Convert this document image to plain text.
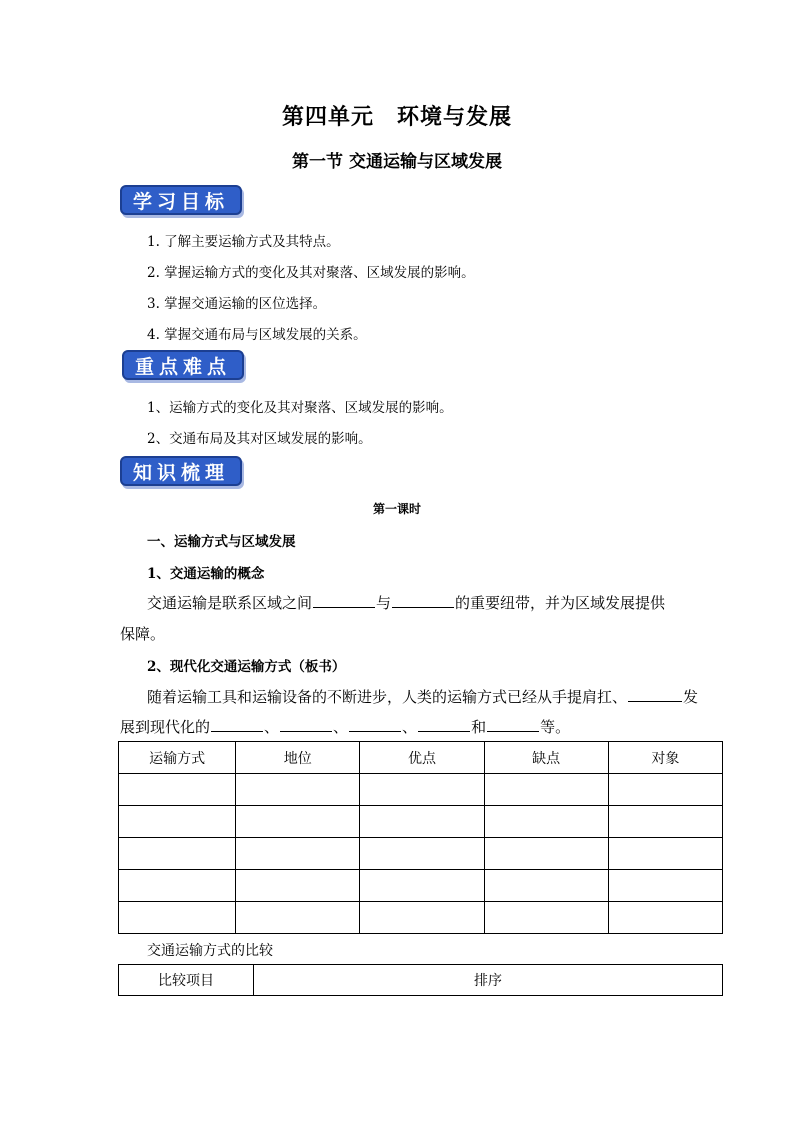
第四单元　环境与发展
第一节 交通运输与区域发展
学习目标
1. 了解主要运输方式及其特点。
2. 掌握运输方式的变化及其对聚落、区域发展的影响。
3. 掌握交通运输的区位选择。
4. 掌握交通布局与区域发展的关系。
重点难点
1、运输方式的变化及其对聚落、区域发展的影响。
2、交通布局及其对区域发展的影响。
知识梳理
第一课时
一、运输方式与区域发展
1、交通运输的概念
交通运输是联系区域之间	与	的重要纽带，并为区域发展提供
保障。
2、现代化交通运输方式（板书）
随着运输工具和运输设备的不断进步，人类的运输方式已经从手提肩扛、	发
展到现代化的	、	、	、	和	等。
运输方式	地位	优点	缺点	对象

交通运输方式的比较
比较项目	排序
